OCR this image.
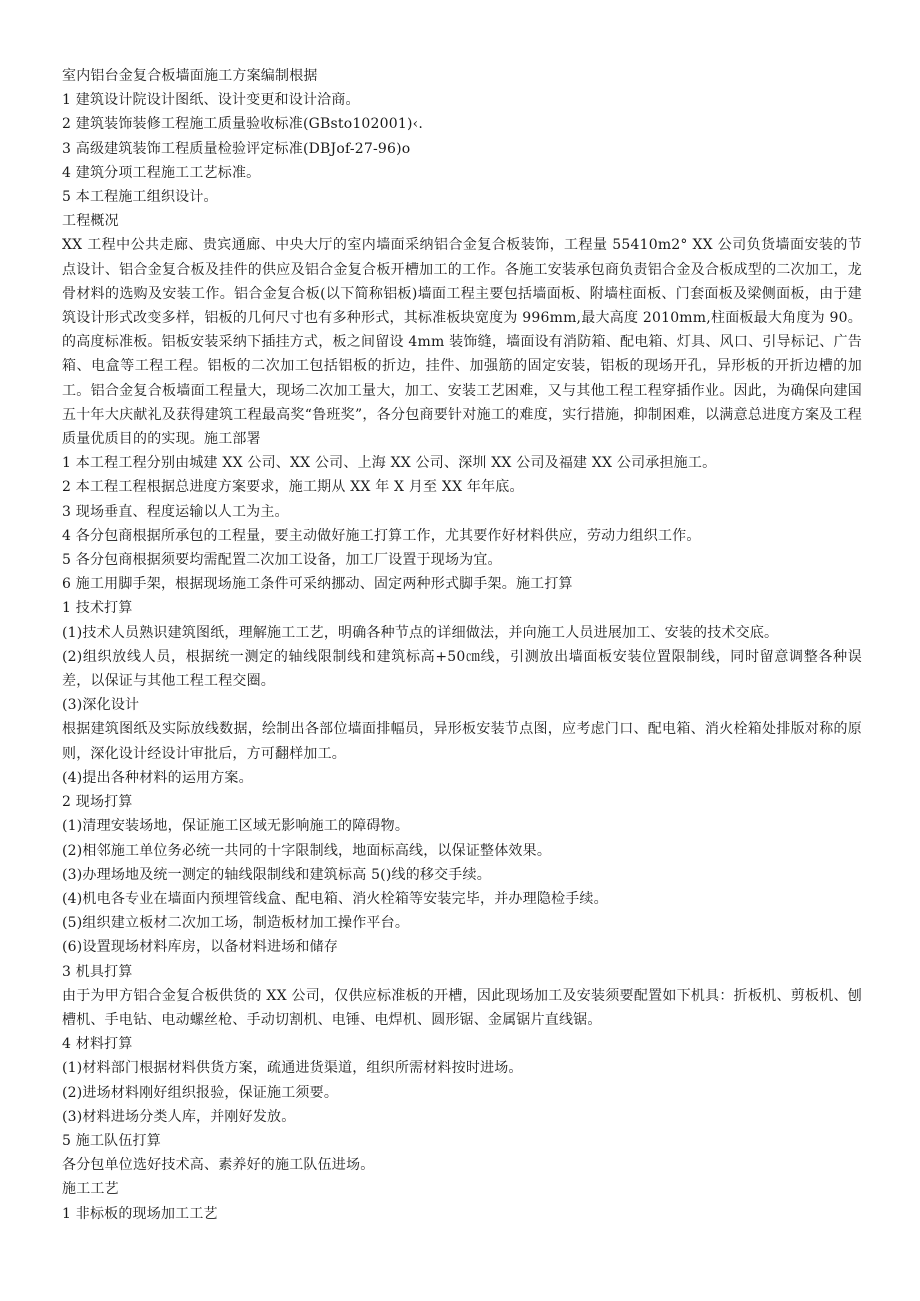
室内铝台金复合板墙面施工方案编制根据
1 建筑设计院设计图纸、设计变更和设计洽商。
2 建筑装饰装修工程施工质量验收标准(GBsto102001)‹.
3 高级建筑装饰工程质量检验评定标准(DBJof-27-96)o
4 建筑分项工程施工工艺标准。
5 本工程施工组织设计。
工程概况
XX 工程中公共走廊、贵宾通廊、中央大厅的室内墙面采纳铝合金复合板装饰，工程量 55410m2° XX 公司负货墙面安装的节点设计、铝合金复合板及挂件的供应及铝合金复合板开槽加工的工作。各施工安装承包商负责铝合金及合板成型的二次加工，龙骨材料的选购及安装工作。铝合金复合板(以下简称铝板)墙面工程主要包括墙面板、附墙柱面板、门套面板及梁侧面板，由于建筑设计形式改变多样，铝板的几何尺寸也有多种形式，其标准板块宽度为 996mm,最大高度 2010mm,柱面板最大角度为 90。的高度标准板。铝板安装采纳下插挂方式，板之间留设 4mm 装饰缝，墙面设有消防箱、配电箱、灯具、风口、引导标记、广告箱、电盒等工程工程。铝板的二次加工包括铝板的折边，挂件、加强筋的固定安装，铝板的现场开孔，异形板的开折边槽的加工。铝合金复合板墙面工程量大，现场二次加工量大，加工、安装工艺困难，又与其他工程工程穿插作业。因此，为确保向建国五十年大庆献礼及获得建筑工程最高奖“鲁班奖”，各分包商要针对施工的难度，实行措施，抑制困难，以满意总进度方案及工程质量优质目的的实现。施工部署
1 本工程工程分别由城建 XX 公司、XX 公司、上海 XX 公司、深圳 XX 公司及福建 XX 公司承担施工。
2 本工程工程根据总进度方案要求，施工期从 XX 年 X 月至 XX 年年底。
3 现场垂直、程度运输以人工为主。
4 各分包商根据所承包的工程量，要主动做好施工打算工作，尤其要作好材料供应，劳动力组织工作。
5 各分包商根据须要均需配置二次加工设备，加工厂设置于现场为宜。
6 施工用脚手架，根据现场施工条件可采纳挪动、固定两种形式脚手架。施工打算
1 技术打算
(1)技术人员熟识建筑图纸，理解施工工艺，明确各种节点的详细做法，并向施工人员进展加工、安装的技术交底。
(2)组织放线人员，根据统一测定的轴线限制线和建筑标高+50㎝线，引测放出墙面板安装位置限制线，同时留意调整各种误差，以保证与其他工程工程交圈。
(3)深化设计
根据建筑图纸及实际放线数据，绘制出各部位墙面排幅员，异形板安装节点图，应考虑门口、配电箱、消火栓箱处排版对称的原则，深化设计经设计审批后，方可翻样加工。
(4)提出各种材料的运用方案。
2 现场打算
(1)清理安装场地，保证施工区域无影响施工的障碍物。
(2)相邻施工单位务必统一共同的十字限制线，地面标高线，以保证整体效果。
(3)办理场地及统一测定的轴线限制线和建筑标高 5()线的移交手续。
(4)机电各专业在墙面内预埋管线盒、配电箱、消火栓箱等安装完毕，并办理隐检手续。
(5)组织建立板材二次加工场，制造板材加工操作平台。
(6)设置现场材料库房，以备材料进场和储存
3 机具打算
由于为甲方铝合金复合板供货的 XX 公司，仅供应标准板的开槽，因此现场加工及安装须要配置如下机具：折板机、剪板机、刨槽机、手电钻、电动螺丝枪、手动切割机、电锤、电焊机、圆形锯、金属锯片直线锯。
4 材料打算
(1)材料部门根据材料供货方案，疏通进货渠道，组织所需材料按时进场。
(2)进场材料刚好组织报验，保证施工须要。
(3)材料进场分类人库，并刚好发放。
5 施工队伍打算
各分包单位选好技术高、素养好的施工队伍进场。
施工工艺
1 非标板的现场加工工艺
